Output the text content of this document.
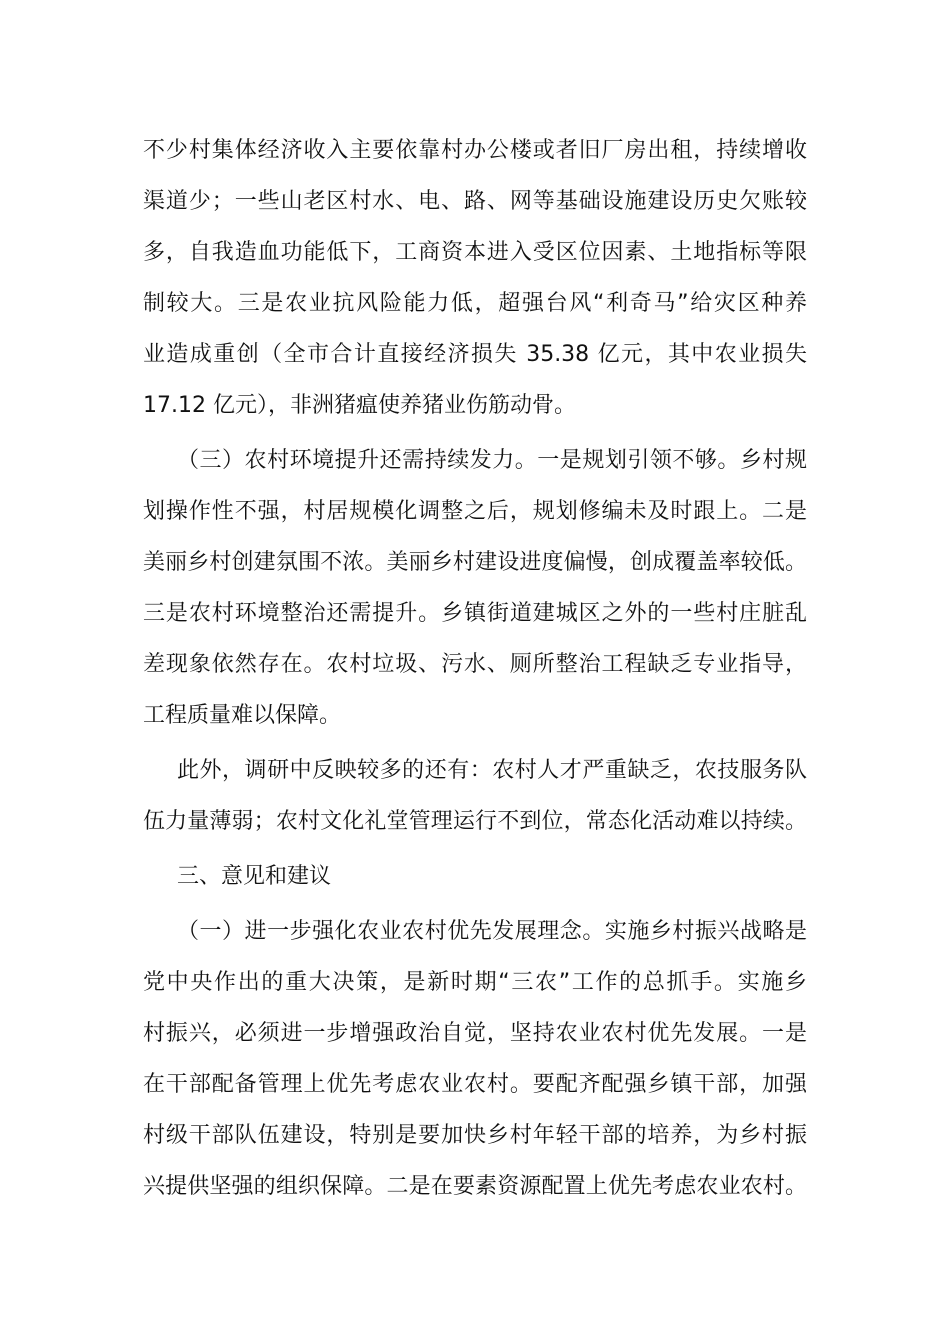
不少村集体经济收入主要依靠村办公楼或者旧厂房出租，持续增收
渠道少；一些山老区村水、电、路、网等基础设施建设历史欠账较
多，自我造血功能低下，工商资本进入受区位因素、土地指标等限
制较大。三是农业抗风险能力低，超强台风“利奇马”给灾区种养
业造成重创（全市合计直接经济损失 35.38 亿元，其中农业损失
17.12 亿元），非洲猪瘟使养猪业伤筋动骨。
（三）农村环境提升还需持续发力。一是规划引领不够。乡村规
划操作性不强，村居规模化调整之后，规划修编未及时跟上。二是
美丽乡村创建氛围不浓。美丽乡村建设进度偏慢，创成覆盖率较低。
三是农村环境整治还需提升。乡镇街道建城区之外的一些村庄脏乱
差现象依然存在。农村垃圾、污水、厕所整治工程缺乏专业指导，
工程质量难以保障。
此外，调研中反映较多的还有：农村人才严重缺乏，农技服务队
伍力量薄弱；农村文化礼堂管理运行不到位，常态化活动难以持续。
三、意见和建议
（一）进一步强化农业农村优先发展理念。实施乡村振兴战略是
党中央作出的重大决策，是新时期“三农”工作的总抓手。实施乡
村振兴，必须进一步增强政治自觉，坚持农业农村优先发展。一是
在干部配备管理上优先考虑农业农村。要配齐配强乡镇干部，加强
村级干部队伍建设，特别是要加快乡村年轻干部的培养，为乡村振
兴提供坚强的组织保障。二是在要素资源配置上优先考虑农业农村。
